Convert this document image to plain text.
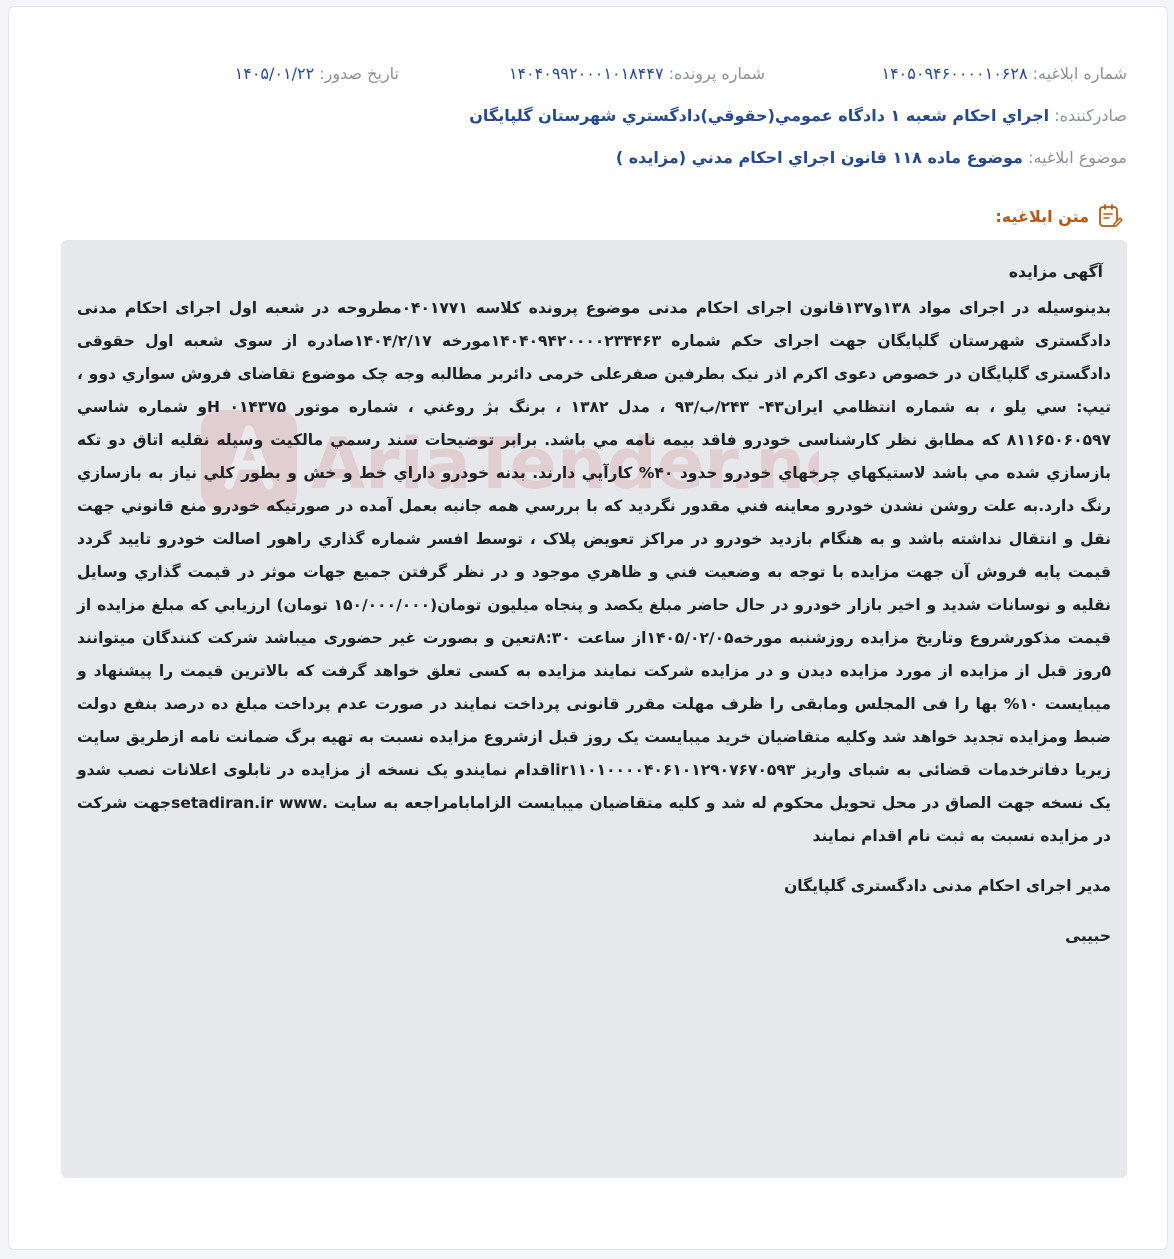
شماره ابلاغيه: ۱۴۰۵۰۹۴۶۰۰۰۰۱۰۶۲۸
شماره پرونده: ۱۴۰۴۰۹۹۲۰۰۰۱۰۱۸۴۴۷
تاريخ صدور: ۱۴۰۵/۰۱/۲۲
صادرکننده: اجراي احکام شعبه ۱ دادگاه عمومي(حقوقي)دادگستري شهرستان گلپايگان
موضوع ابلاغيه: موضوع ماده ۱۱۸ قانون اجراي احکام مدني (مزايده )
متن ابلاغيه:
AriaTender.n

آگهی مزایده

بدینوسیله در اجرای مواد ۱۳۸و۱۳۷قانون اجرای احکام مدنی موضوع پرونده کلاسه ۰۴۰۱۷۷۱مطروحه در شعبه اول اجرای احکام مدنی دادگستری شهرستان گلپایگان جهت اجرای حکم شماره ۱۴۰۴۰۹۴۲۰۰۰۰۲۳۴۴۶۳مورخه ۱۴۰۴/۲/۱۷صادره از سوی شعبه اول حقوقی دادگستری گلپایگان در خصوص دعوی اکرم اذر نیک بطرفین صفرعلی خرمی دائربر مطالبه وجه چک موضوع تقاضای فروش سواري دوو ، تيپ: سي يلو ، به شماره انتظامي ايران۴۳- ۲۴۳/ب/۹۳ ، مدل ۱۳۸۲ ، برنگ بژ روغني ، شماره موتور ۰۱۴۳۷۵ Hو شماره شاسي ۸۱۱۶۵۰۶۰۵۹۷ که مطابق نظر کارشناسی خودرو فاقد بيمه نامه مي باشد. برابر توضيحات سند رسمي مالکيت وسيله نقليه اتاق دو تکه بازسازي شده مي باشد لاستيکهاي چرخهاي خودرو حدود ۴۰% کارآيي دارند. بدنه خودرو داراي خط و خش و بطور کلي نياز به بازسازي رنگ دارد.به علت روشن نشدن خودرو معاينه فني مقدور نگرديد که با بررسي همه جانبه بعمل آمده در صورتيکه خودرو منع قانوني جهت نقل و انتقال نداشته باشد و به هنگام بازديد خودرو در مراکز تعويض پلاک ، توسط افسر شماره گذاري راهور اصالت خودرو تاييد گردد قيمت پايه فروش آن جهت مزايده با توجه به وضعيت فني و ظاهري موجود و در نظر گرفتن جميع جهات موثر در قيمت گذاري وسايل نقليه و نوسانات شديد و اخير بازار خودرو در حال حاضر مبلغ يکصد و پنجاه ميليون تومان(۱۵۰/۰۰۰/۰۰۰ تومان) ارزيابي كه مبلغ مزایده از قیمت مذکورشروع وتاریخ مزایده روزشنبه مورخه۱۴۰۵/۰۲/۰۵از ساعت ۸:۳۰تعین و بصورت غیر حضوری میباشد شرکت کنندگان میتوانند ۵روز قبل از مزایده از مورد مزایده دیدن و در مزایده شرکت نمایند مزایده به کسی تعلق خواهد گرفت که بالاترین قیمت را پیشنهاد و میبایست ۱۰% بها را فی المجلس ومابقی را ظرف مهلت مقرر قانونی پرداخت نمایند در صورت عدم پرداخت مبلغ ده درصد بنفع دولت ضبط ومزایده تجدید خواهد شد وکلیه متقاضیان خرید میبایست یک روز قبل ازشروع مزایده نسبت به تهیه برگ ضمانت نامه ازطریق سایت زیریا دفاترخدمات قضائی به شبای واریز ir۱۱۰۱۰۰۰۰۴۰۶۱۰۱۲۹۰۷۶۷۰۵۹۳اقدام نمایندو یک نسخه از مزایده در تابلوی اعلانات نصب شدو یک نسخه جهت الصاق در محل تحویل محکوم له شد و کلیه متقاضیان میبایست الزامابامراجعه به سایت .setadiran.ir wwwجهت شرکت در مزایده نسبت به ثبت نام اقدام نمایند

مدیر اجرای احکام مدنی دادگستری گلپایگان

حبیبی
